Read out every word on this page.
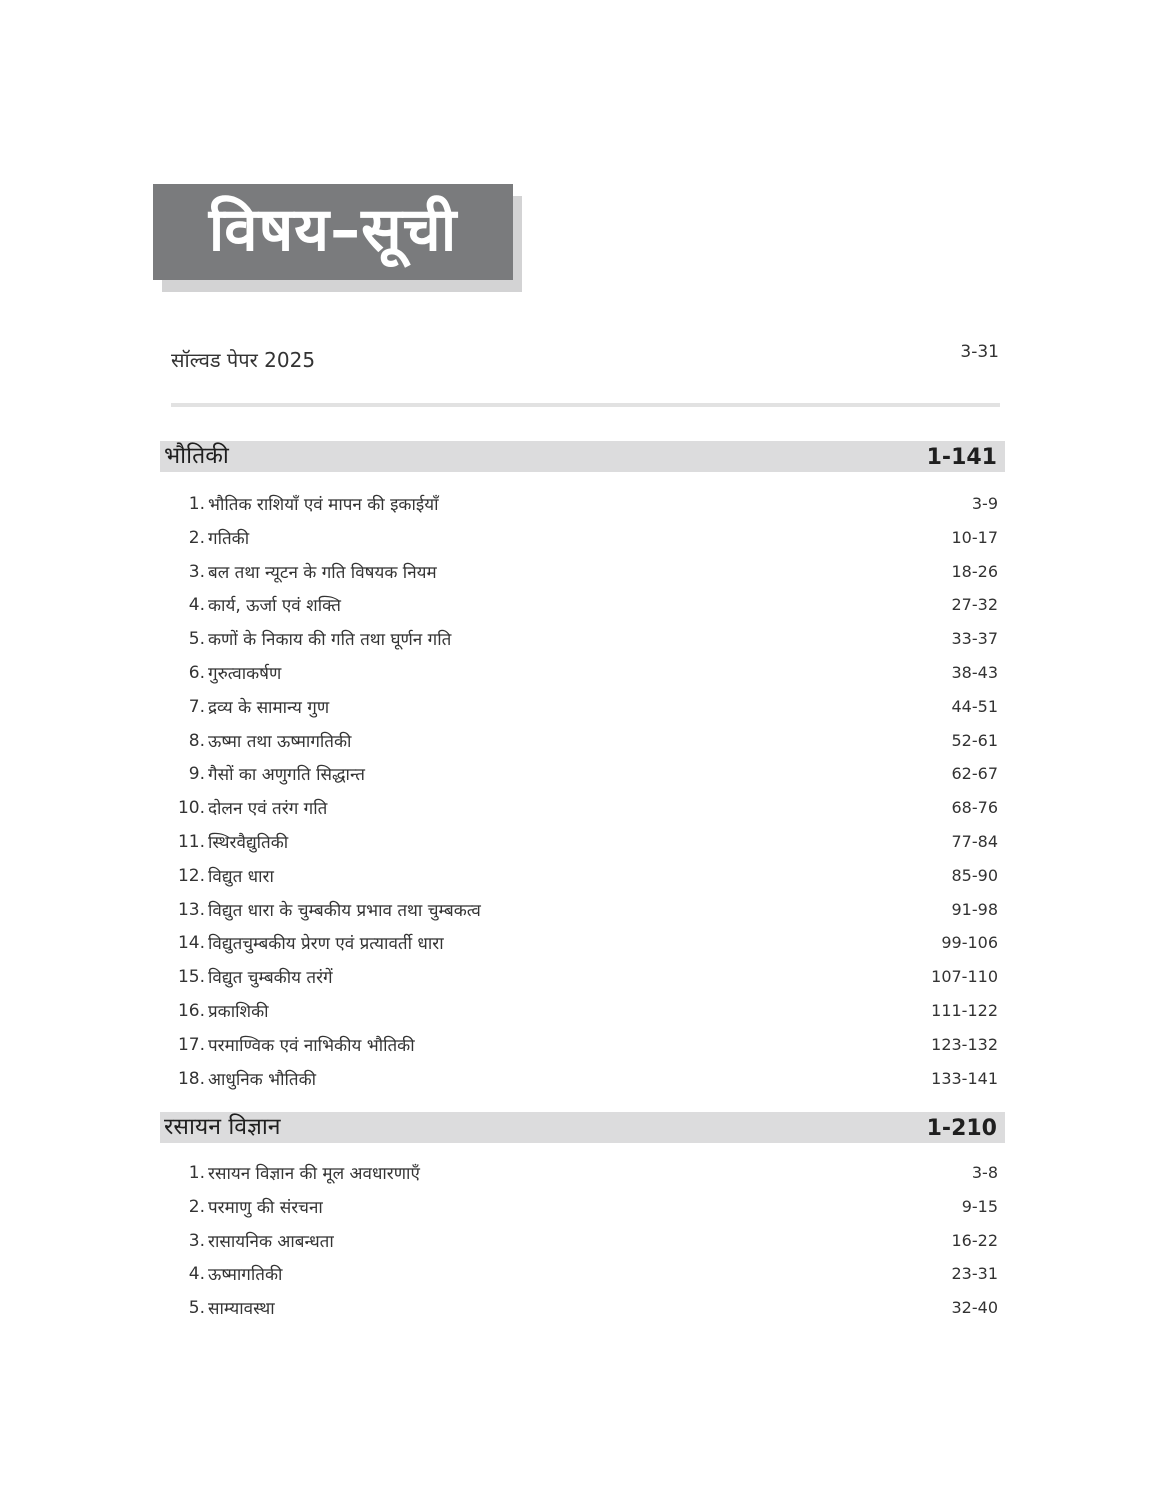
विषय–सूची
सॉल्वड पेपर 2025	3-31
भौतिकी	1-141
1. भौतिक राशियाँ एवं मापन की इकाईयाँ	3-9
2. गतिकी	10-17
3. बल तथा न्यूटन के गति विषयक नियम	18-26
4. कार्य, ऊर्जा एवं शक्ति	27-32
5. कणों के निकाय की गति तथा घूर्णन गति	33-37
6. गुरुत्वाकर्षण	38-43
7. द्रव्य के सामान्य गुण	44-51
8. ऊष्मा तथा ऊष्मागतिकी	52-61
9. गैसों का अणुगति सिद्धान्त	62-67
10. दोलन एवं तरंग गति	68-76
11. स्थिरवैद्युतिकी	77-84
12. विद्युत धारा	85-90
13. विद्युत धारा के चुम्बकीय प्रभाव तथा चुम्बकत्व	91-98
14. विद्युतचुम्बकीय प्रेरण एवं प्रत्यावर्ती धारा	99-106
15. विद्युत चुम्बकीय तरंगें	107-110
16. प्रकाशिकी	111-122
17. परमाण्विक एवं नाभिकीय भौतिकी	123-132
18. आधुनिक भौतिकी	133-141
रसायन विज्ञान	1-210
1. रसायन विज्ञान की मूल अवधारणाएँ	3-8
2. परमाणु की संरचना	9-15
3. रासायनिक आबन्धता	16-22
4. ऊष्मागतिकी	23-31
5. साम्यावस्था	32-40
